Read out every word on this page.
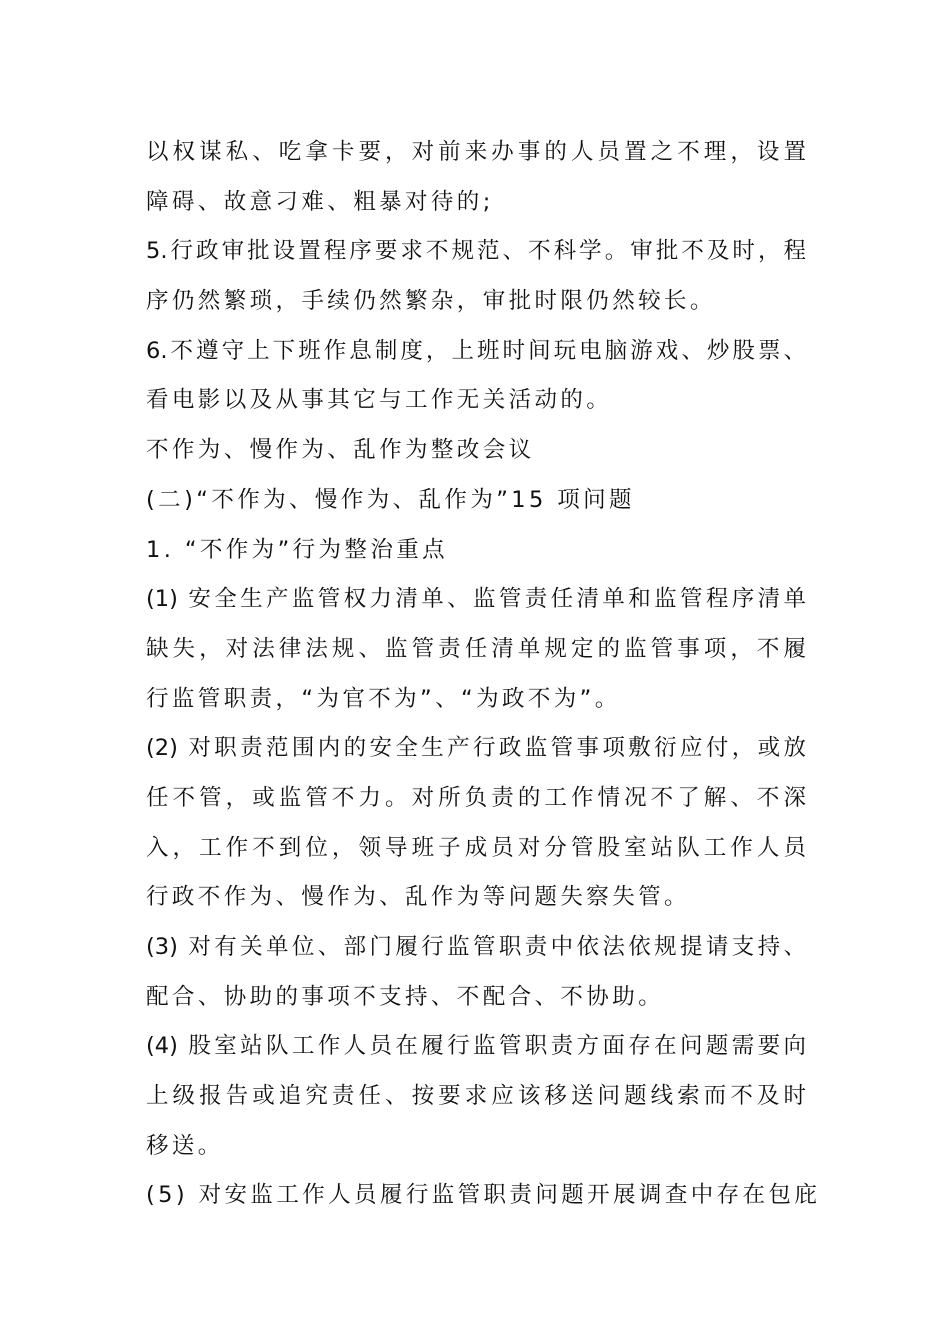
以权谋私、吃拿卡要，对前来办事的人员置之不理，设置
障碍、故意刁难、粗暴对待的;
5.行政审批设置程序要求不规范、不科学。审批不及时，程
序仍然繁琐，手续仍然繁杂，审批时限仍然较长。
6.不遵守上下班作息制度，上班时间玩电脑游戏、炒股票、
看电影以及从事其它与工作无关活动的。
不作为、慢作为、乱作为整改会议
(二)“不作为、慢作为、乱作为”15 项问题
1. “不作为”行为整治重点
(1) 安全生产监管权力清单、监管责任清单和监管程序清单
缺失，对法律法规、监管责任清单规定的监管事项，不履
行监管职责，“为官不为”、“为政不为”。
(2) 对职责范围内的安全生产行政监管事项敷衍应付，或放
任不管，或监管不力。对所负责的工作情况不了解、不深
入，工作不到位，领导班子成员对分管股室站队工作人员
行政不作为、慢作为、乱作为等问题失察失管。
(3) 对有关单位、部门履行监管职责中依法依规提请支持、
配合、协助的事项不支持、不配合、不协助。
(4) 股室站队工作人员在履行监管职责方面存在问题需要向
上级报告或追究责任、按要求应该移送问题线索而不及时
移送。
(5) 对安监工作人员履行监管职责问题开展调查中存在包庇
